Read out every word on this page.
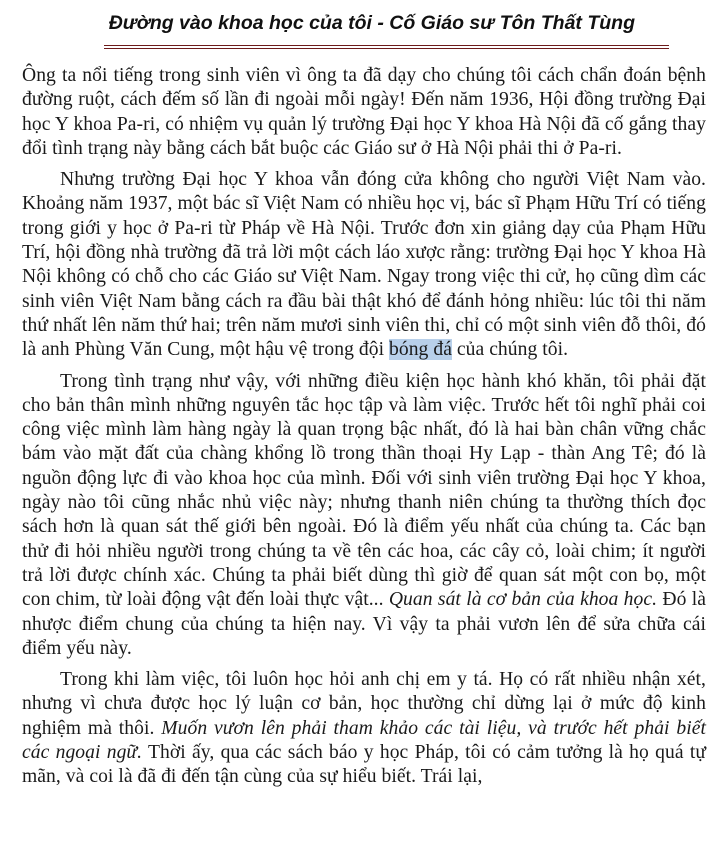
Đường vào khoa học của tôi - Cố Giáo sư Tôn Thất Tùng

Ông ta nổi tiếng trong sinh viên vì ông ta đã dạy cho chúng tôi cách chẩn đoán bệnh đường ruột, cách đếm số lần đi ngoài mỗi ngày! Đến năm 1936, Hội đồng trường Đại học Y khoa Pa-ri, có nhiệm vụ quản lý trường Đại học Y khoa Hà Nội đã cố gắng thay đổi tình trạng này bằng cách bắt buộc các Giáo sư ở Hà Nội phải thi ở Pa-ri.

Nhưng trường Đại học Y khoa vẫn đóng cửa không cho người Việt Nam vào. Khoảng năm 1937, một bác sĩ Việt Nam có nhiều học vị, bác sĩ Phạm Hữu Trí có tiếng trong giới y học ở Pa-ri từ Pháp về Hà Nội. Trước đơn xin giảng dạy của Phạm Hữu Trí, hội đồng nhà trường đã trả lời một cách láo xược rằng: trường Đại học Y khoa Hà Nội không có chỗ cho các Giáo sư Việt Nam. Ngay trong việc thi cử, họ cũng dìm các sinh viên Việt Nam bằng cách ra đầu bài thật khó để đánh hỏng nhiều: lúc tôi thi năm thứ nhất lên năm thứ hai; trên năm mươi sinh viên thi, chỉ có một sinh viên đỗ thôi, đó là anh Phùng Văn Cung, một hậu vệ trong đội bóng đá của chúng tôi.

Trong tình trạng như vậy, với những điều kiện học hành khó khăn, tôi phải đặt cho bản thân mình những nguyên tắc học tập và làm việc. Trước hết tôi nghĩ phải coi công việc mình làm hàng ngày là quan trọng bậc nhất, đó là hai bàn chân vững chắc bám vào mặt đất của chàng khổng lồ trong thần thoại Hy Lạp - thàn Ang Tê; đó là nguồn động lực đi vào khoa học của mình. Đối với sinh viên trường Đại học Y khoa, ngày nào tôi cũng nhắc nhủ việc này; nhưng thanh niên chúng ta thường thích đọc sách hơn là quan sát thế giới bên ngoài. Đó là điểm yếu nhất của chúng ta. Các bạn thử đi hỏi nhiều người trong chúng ta về tên các hoa, các cây cỏ, loài chim; ít người trả lời được chính xác. Chúng ta phải biết dùng thì giờ để quan sát một con bọ, một con chim, từ loài động vật đến loài thực vật... Quan sát là cơ bản của khoa học. Đó là nhược điểm chung của chúng ta hiện nay. Vì vậy ta phải vươn lên để sửa chữa cái điểm yếu này.

Trong khi làm việc, tôi luôn học hỏi anh chị em y tá. Họ có rất nhiều nhận xét, nhưng vì chưa được học lý luận cơ bản, học thường chỉ dừng lại ở mức độ kinh nghiệm mà thôi. Muốn vươn lên phải tham khảo các tài liệu, và trước hết phải biết các ngoại ngữ. Thời ấy, qua các sách báo y học Pháp, tôi có cảm tưởng là họ quá tự mãn, và coi là đã đi đến tận cùng của sự hiểu biết. Trái lại,
